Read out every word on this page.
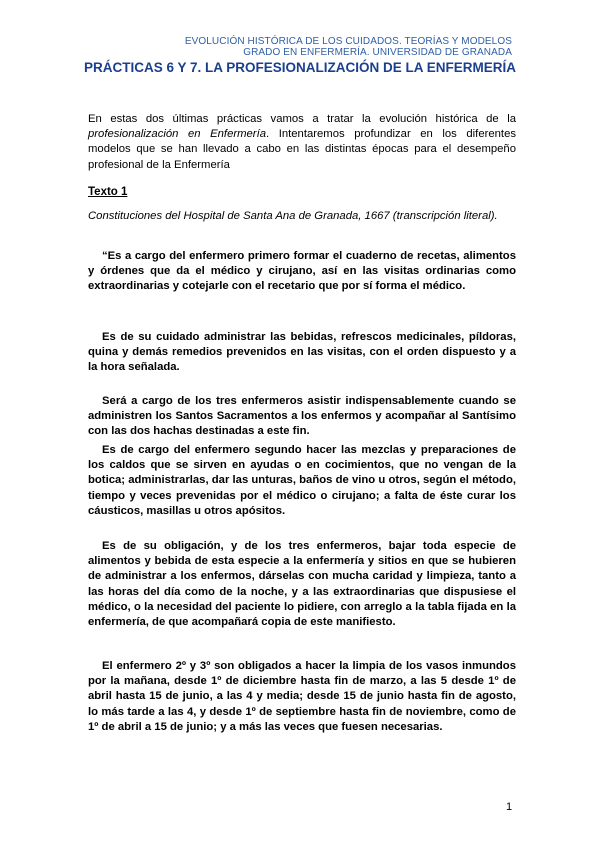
EVOLUCIÓN HISTÓRICA DE LOS CUIDADOS. TEORÍAS Y MODELOS
GRADO EN ENFERMERÍA. UNIVERSIDAD DE GRANADA
PRÁCTICAS 6 Y 7. LA PROFESIONALIZACIÓN DE LA ENFERMERÍA
En estas dos últimas prácticas vamos a tratar la evolución histórica de la profesionalización en Enfermería. Intentaremos profundizar en los diferentes modelos que se han llevado a cabo en las distintas épocas para el desempeño profesional de la Enfermería
Texto 1
Constituciones del Hospital de Santa Ana de Granada, 1667 (transcripción literal).
“Es a cargo del enfermero primero formar el cuaderno de recetas, alimentos y órdenes que da el médico y cirujano, así en las visitas ordinarias como extraordinarias y cotejarle con el recetario que por sí forma el médico.
Es de su cuidado administrar las bebidas, refrescos medicinales, píldoras, quina y demás remedios prevenidos en las visitas, con el orden dispuesto y a la hora señalada.
Será a cargo de los tres enfermeros asistir indispensablemente cuando se administren los Santos Sacramentos a los enfermos y acompañar al Santísimo con las dos hachas destinadas a este fin.
Es de cargo del enfermero segundo hacer las mezclas y preparaciones de los caldos que se sirven en ayudas o en cocimientos, que no vengan de la botica; administrarlas, dar las unturas, baños de vino u otros, según el método, tiempo y veces prevenidas por el médico o cirujano; a falta de éste curar los cáusticos, masillas u otros apósitos.
Es de su obligación, y de los tres enfermeros, bajar toda especie de alimentos y bebida de esta especie a la enfermería y sitios en que se hubieren de administrar a los enfermos, dárselas con mucha caridad y limpieza, tanto a las horas del día como de la noche, y a las extraordinarias que dispusiese el médico, o la necesidad del paciente lo pidiere, con arreglo a la tabla fijada en la enfermería, de que acompañará copia de este manifiesto.
El enfermero 2º y 3º son obligados a hacer la limpia de los vasos inmundos por la mañana, desde 1º de diciembre hasta fin de marzo, a las 5 desde 1º de abril hasta 15 de junio, a las 4 y media; desde 15 de junio hasta fin de agosto, lo más tarde a las 4, y desde 1º de septiembre hasta fin de noviembre, como de 1º de abril a 15 de junio; y a más las veces que fuesen necesarias.
1
